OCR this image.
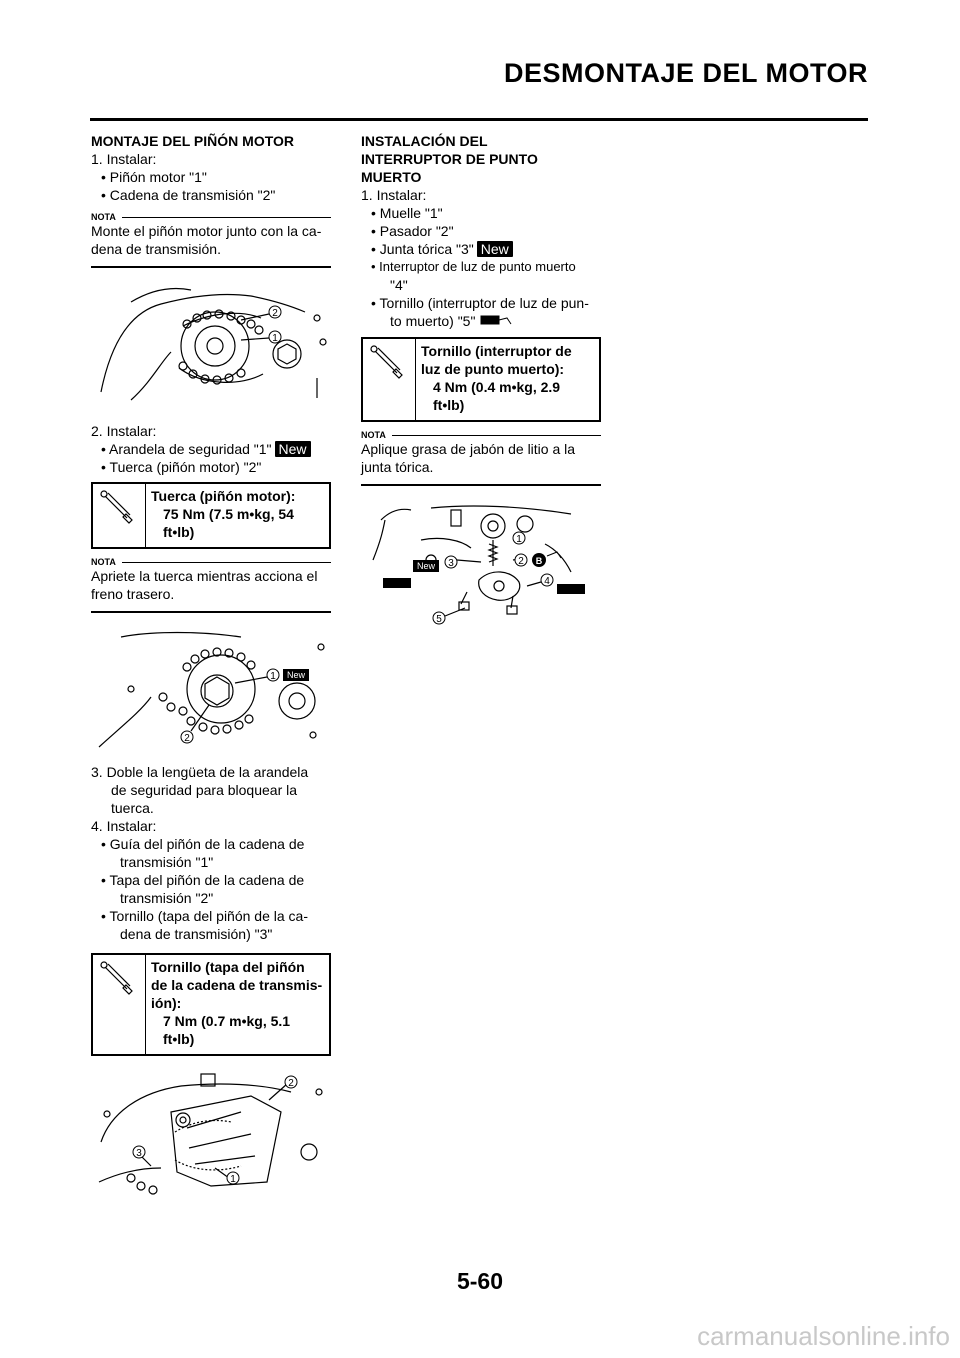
DESMONTAJE DEL MOTOR
MONTAJE DEL PIÑÓN MOTOR
1. Instalar:
• Piñón motor "1"
• Cadena de transmisión "2"
NOTA
Monte el piñón motor junto con la ca-
dena de transmisión.
2
1
2. Instalar:
• Arandela de seguridad "1" New
• Tuerca (piñón motor) "2"
Tuerca (piñón motor):
75 Nm (7.5 m•kg, 54
ft•lb)
NOTA
Apriete la tuerca mientras acciona el
freno trasero.
1 New
2
3. Doble la lengüeta de la arandela
de seguridad para bloquear la
tuerca.
4. Instalar:
• Guía del piñón de la cadena de
transmisión "1"
• Tapa del piñón de la cadena de
transmisión "2"
• Tornillo (tapa del piñón de la ca-
dena de transmisión) "3"
Tornillo (tapa del piñón
de la cadena de transmis-
ión):
7 Nm (0.7 m•kg, 5.1
ft•lb)
2
3
1
INSTALACIÓN DEL
INTERRUPTOR DE PUNTO
MUERTO
1. Instalar:
• Muelle "1"
• Pasador "2"
• Junta tórica "3" New
• Interruptor de luz de punto muerto
"4"
• Tornillo (interruptor de luz de pun-
to muerto) "5"
Tornillo (interruptor de
luz de punto muerto):
4 Nm (0.4 m•kg, 2.9
ft•lb)
NOTA
Aplique grasa de jabón de litio a la
junta tórica.
New 3
1
2
4
5
B
5-60
carmanualsonline.info
